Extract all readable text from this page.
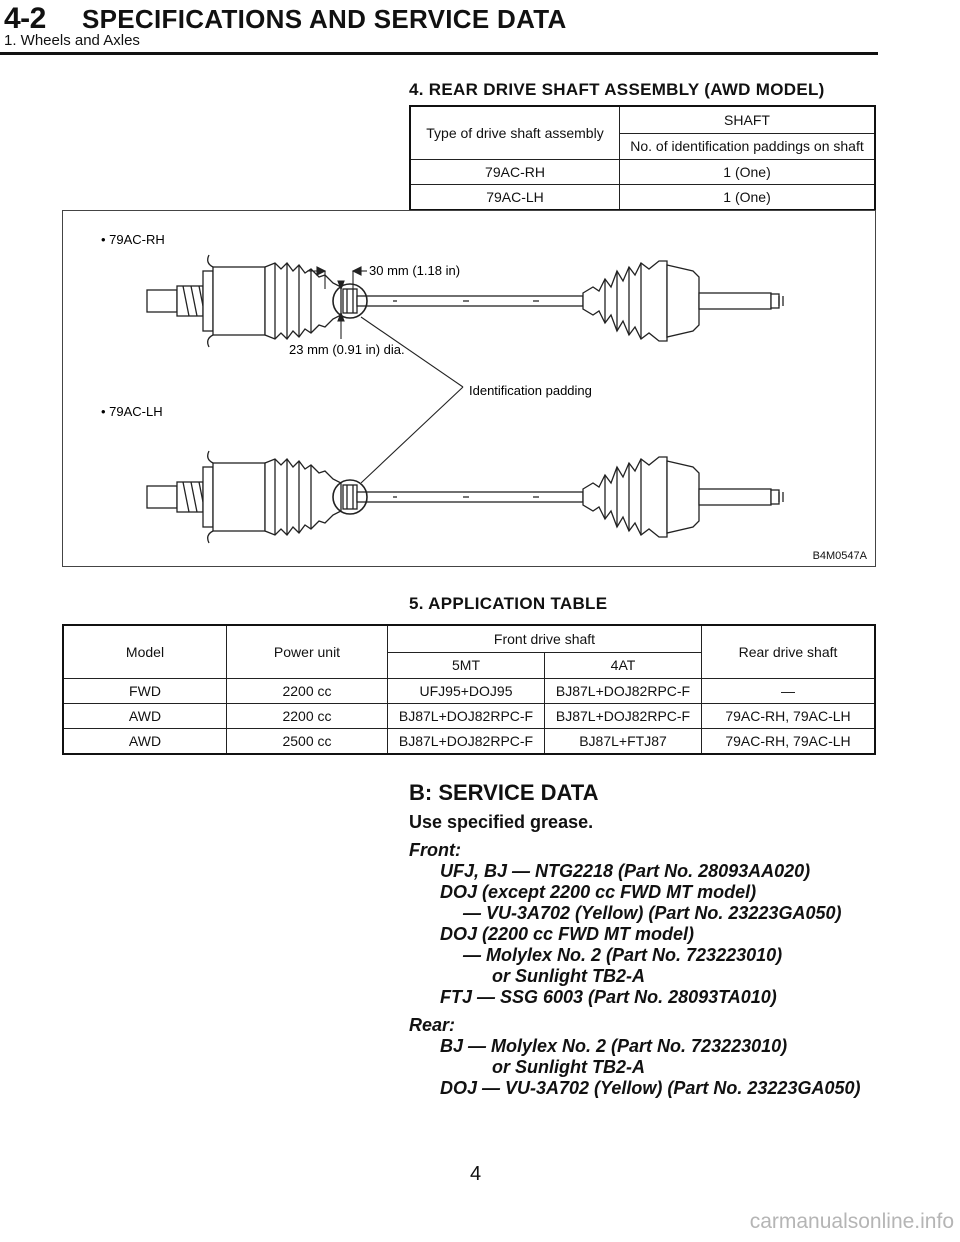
4-2 SPECIFICATIONS AND SERVICE DATA
1. Wheels and Axles
4. REAR DRIVE SHAFT ASSEMBLY (AWD MODEL)
Type of drive shaft assembly	SHAFT
	No. of identification paddings on shaft
79AC-RH	1 (One)
79AC-LH	1 (One)
• 79AC-RH
• 79AC-LH
30 mm (1.18 in)
23 mm (0.91 in) dia.
Identification padding
B4M0547A
5. APPLICATION TABLE
Model	Power unit	Front drive shaft		Rear drive shaft
		5MT	4AT	
FWD	2200 cc	UFJ95+DOJ95	BJ87L+DOJ82RPC-F	—
AWD	2200 cc	BJ87L+DOJ82RPC-F	BJ87L+DOJ82RPC-F	79AC-RH, 79AC-LH
AWD	2500 cc	BJ87L+DOJ82RPC-F	BJ87L+FTJ87	79AC-RH, 79AC-LH
B: SERVICE DATA
Use specified grease.
Front:
UFJ, BJ — NTG2218 (Part No. 28093AA020)
DOJ (except 2200 cc FWD MT model)
— VU-3A702 (Yellow) (Part No. 23223GA050)
DOJ (2200 cc FWD MT model)
— Molylex No. 2 (Part No. 723223010)
or Sunlight TB2-A
FTJ — SSG 6003 (Part No. 28093TA010)
Rear:
BJ — Molylex No. 2 (Part No. 723223010)
or Sunlight TB2-A
DOJ — VU-3A702 (Yellow) (Part No. 23223GA050)
4
carmanualsonline.info
